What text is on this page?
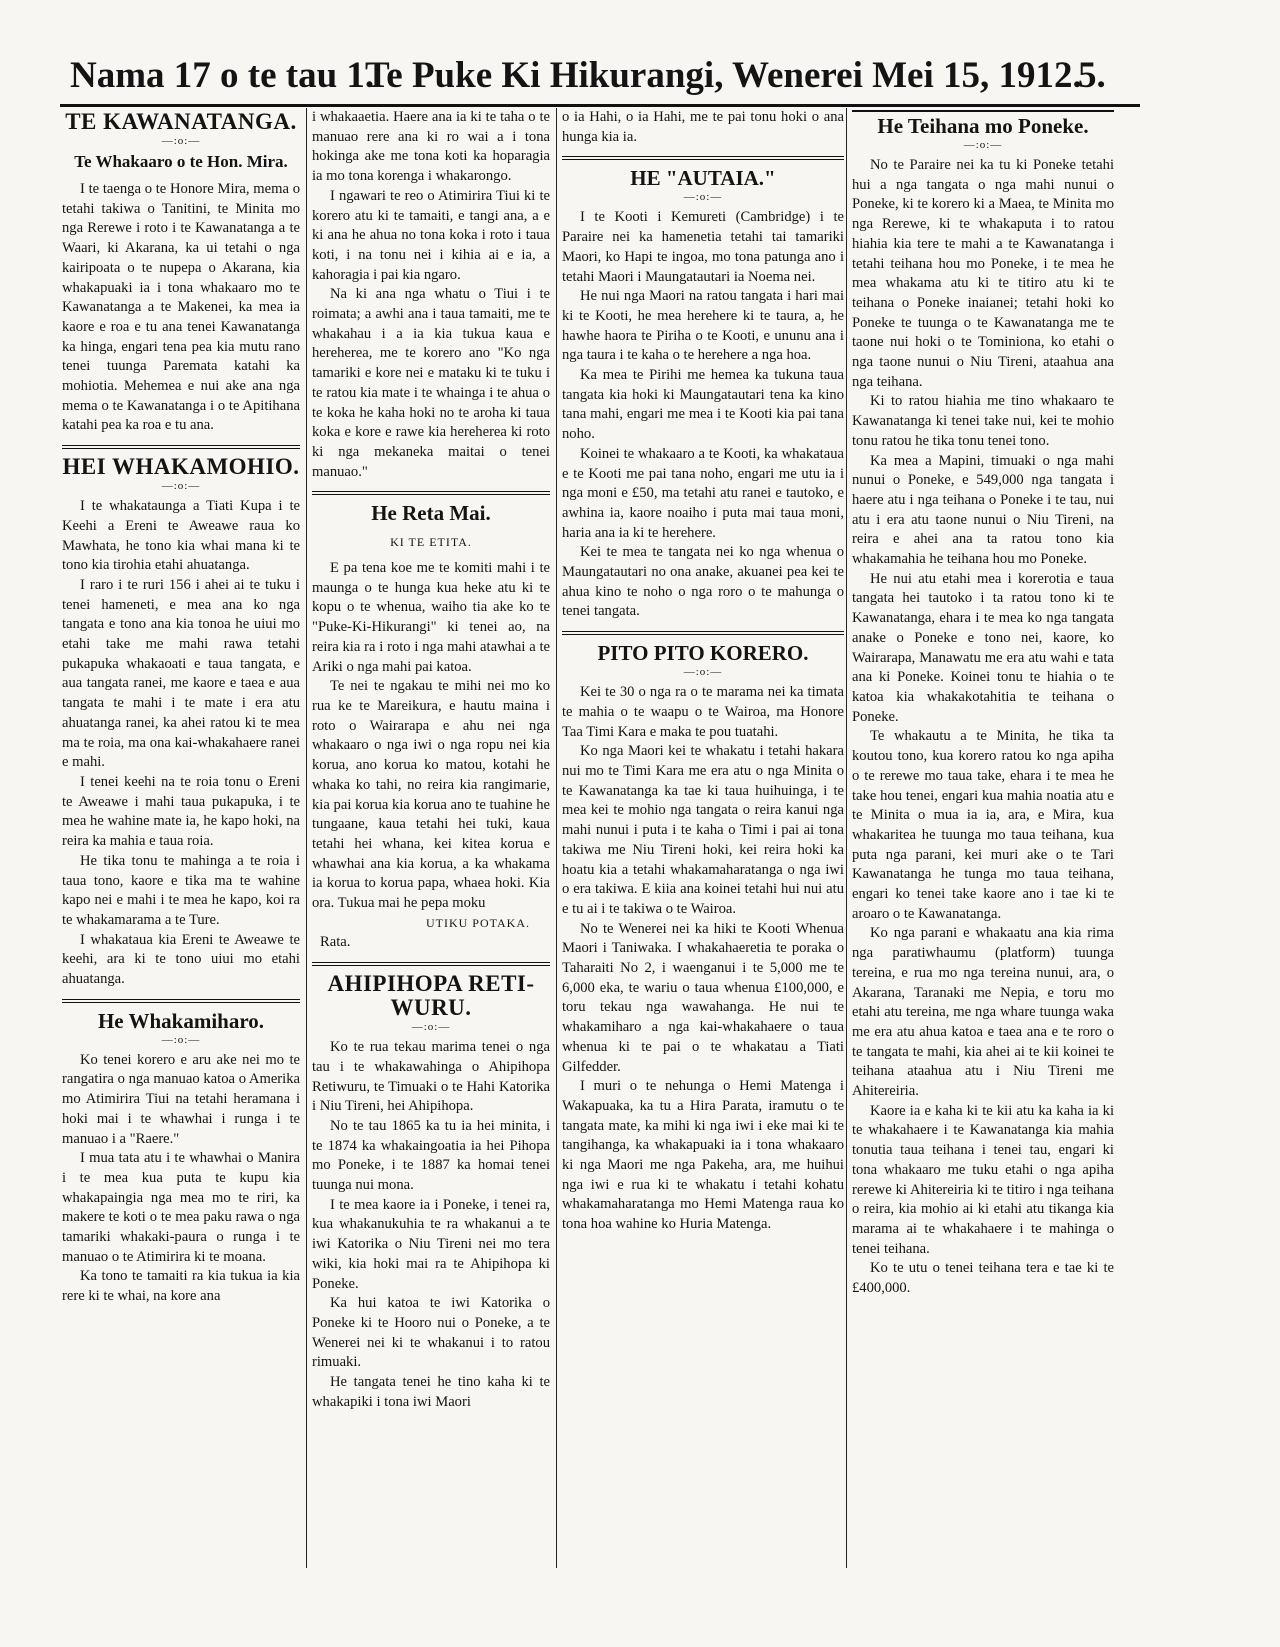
Nama 17 o te tau 1.
Te Puke Ki Hikurangi, Wenerei Mei 15, 1912.
5.
TE KAWANATANGA.
—:o:—
Te Whakaaro o te Hon. Mira.

I te taenga o te Honore Mira, mema o tetahi takiwa o Tanitini, te Minita mo nga Rerewe i roto i te Kawanatanga a te Waari, ki Akarana, ka ui tetahi o nga kairipoata o te nupepa o Akarana, kia whakapuaki ia i tona whakaaro mo te Kawanatanga a te Makenei, ka mea ia kaore e roa e tu ana tenei Kawanatanga ka hinga, engari tena pea kia mutu rano tenei tuunga Paremata katahi ka mohiotia. Mehemea e nui ake ana nga mema o te Kawanatanga i o te Apitihana katahi pea ka roa e tu ana.

HEI WHAKAMOHIO.
—:o:—

I te whakataunga a Tiati Kupa i te Keehi a Ereni te Aweawe raua ko Mawhata, he tono kia whai mana ki te tono kia tirohia etahi ahuatanga.

I raro i te ruri 156 i ahei ai te tuku i tenei hameneti, e mea ana ko nga tangata e tono ana kia tonoa he uiui mo etahi take me mahi rawa tetahi pukapuka whakaoati e taua tangata, e aua tangata ranei, me kaore e taea e aua tangata te mahi i te mate i era atu ahuatanga ranei, ka ahei ratou ki te mea ma te roia, ma ona kai-whakahaere ranei e mahi.

I tenei keehi na te roia tonu o Ereni te Aweawe i mahi taua pukapuka, i te mea he wahine mate ia, he kapo hoki, na reira ka mahia e taua roia.

He tika tonu te mahinga a te roia i taua tono, kaore e tika ma te wahine kapo nei e mahi i te mea he kapo, koi ra te whakamarama a te Ture.

I whakataua kia Ereni te Aweawe te keehi, ara ki te tono uiui mo etahi ahuatanga.

He Whakamiharo.
—:o:—

Ko tenei korero e aru ake nei mo te rangatira o nga manuao katoa o Amerika mo Atimirira Tiui na tetahi heramana i hoki mai i te whawhai i runga i te manuao i a "Raere."

I mua tata atu i te whawhai o Manira i te mea kua puta te kupu kia whakapaingia nga mea mo te riri, ka makere te koti o te mea paku rawa o nga tamariki whakaki-paura o runga i te manuao o te Atimirira ki te moana.

Ka tono te tamaiti ra kia tukua ia kia rere ki te whai, na kore ana

i whakaaetia. Haere ana ia ki te taha o te manuao rere ana ki ro wai a i tona hokinga ake me tona koti ka hoparagia ia mo tona korenga i whakarongo.

I ngawari te reo o Atimirira Tiui ki te korero atu ki te tamaiti, e tangi ana, a e ki ana he ahua no tona koka i roto i taua koti, i na tonu nei i kihia ai e ia, a kahoragia i pai kia ngaro.

Na ki ana nga whatu o Tiui i te roimata; a awhi ana i taua tamaiti, me te whakahau i a ia kia tukua kaua e hereherea, me te korero ano "Ko nga tamariki e kore nei e mataku ki te tuku i te ratou kia mate i te whainga i te ahua o te koka he kaha hoki no te aroha ki taua koka e kore e rawe kia hereherea ki roto ki nga mekaneka maitai o tenei manuao."

He Reta Mai.
KI TE ETITA.

E pa tena koe me te komiti mahi i te maunga o te hunga kua heke atu ki te kopu o te whenua, waiho tia ake ko te "Puke-Ki-Hikurangi" ki tenei ao, na reira kia ra i roto i nga mahi atawhai a te Ariki o nga mahi pai katoa.

Te nei te ngakau te mihi nei mo ko rua ke te Mareikura, e hautu maina i roto o Wairarapa e ahu nei nga whakaaro o nga iwi o nga ropu nei kia korua, ano korua ko matou, kotahi he whaka ko tahi, no reira kia rangimarie, kia pai korua kia korua ano te tuahine he tungaane, kaua tetahi hei tuki, kaua tetahi hei whana, kei kitea korua e whawhai ana kia korua, a ka whakama ia korua to korua papa, whaea hoki. Kia ora. Tukua mai he pepa moku

UTIKU POTAKA.

Rata.

AHIPIHOPA RETI-WURU.
—:o:—

Ko te rua tekau marima tenei o nga tau i te whakawahinga o Ahipihopa Retiwuru, te Timuaki o te Hahi Katorika i Niu Tireni, hei Ahipihopa.

No te tau 1865 ka tu ia hei minita, i te 1874 ka whakaingoatia ia hei Pihopa mo Poneke, i te 1887 ka homai tenei tuunga nui mona.

I te mea kaore ia i Poneke, i tenei ra, kua whakanukuhia te ra whakanui a te iwi Katorika o Niu Tireni nei mo tera wiki, kia hoki mai ra te Ahipihopa ki Poneke.

Ka hui katoa te iwi Katorika o Poneke ki te Hooro nui o Poneke, a te Wenerei nei ki te whakanui i to ratou rimuaki.

He tangata tenei he tino kaha ki te whakapiki i tona iwi Maori

o ia Hahi, o ia Hahi, me te pai tonu hoki o ana hunga kia ia.

HE "AUTAIA."
—:o:—

I te Kooti i Kemureti (Cambridge) i te Paraire nei ka hamenetia tetahi tai tamariki Maori, ko Hapi te ingoa, mo tona patunga ano i tetahi Maori i Maungatautari ia Noema nei.

He nui nga Maori na ratou tangata i hari mai ki te Kooti, he mea herehere ki te taura, a, he hawhe haora te Piriha o te Kooti, e ununu ana i nga taura i te kaha o te herehere a nga hoa.

Ka mea te Pirihi me hemea ka tukuna taua tangata kia hoki ki Maungatautari tena ka kino tana mahi, engari me mea i te Kooti kia pai tana noho.

Koinei te whakaaro a te Kooti, ka whakataua e te Kooti me pai tana noho, engari me utu ia i nga moni e £50, ma tetahi atu ranei e tautoko, e awhina ia, kaore noaiho i puta mai taua moni, haria ana ia ki te herehere.

Kei te mea te tangata nei ko nga whenua o Maungatautari no ona anake, akuanei pea kei te ahua kino te noho o nga roro o te mahunga o tenei tangata.

PITO PITO KORERO.
—:o:—

Kei te 30 o nga ra o te marama nei ka timata te mahia o te waapu o te Wairoa, ma Honore Taa Timi Kara e maka te pou tuatahi.

Ko nga Maori kei te whakatu i tetahi hakara nui mo te Timi Kara me era atu o nga Minita o te Kawanatanga ka tae ki taua huihuinga, i te mea kei te mohio nga tangata o reira kanui nga mahi nunui i puta i te kaha o Timi i pai ai tona takiwa me Niu Tireni hoki, kei reira hoki ka hoatu kia a tetahi whakamaharatanga o nga iwi o era takiwa. E kiia ana koinei tetahi hui nui atu e tu ai i te takiwa o te Wairoa.

No te Wenerei nei ka hiki te Kooti Whenua Maori i Taniwaka. I whakahaeretia te poraka o Taharaiti No 2, i waenganui i te 5,000 me te 6,000 eka, te wariu o taua whenua £100,000, e toru tekau nga wawahanga. He nui te whakamiharo a nga kai-whakahaere o taua whenua ki te pai o te whakatau a Tiati Gilfedder.

I muri o te nehunga o Hemi Matenga i Wakapuaka, ka tu a Hira Parata, iramutu o te tangata mate, ka mihi ki nga iwi i eke mai ki te tangihanga, ka whakapuaki ia i tona whakaaro ki nga Maori me nga Pakeha, ara, me huihui nga iwi e rua ki te whakatu i tetahi kohatu whakamaharatanga mo Hemi Matenga raua ko tona hoa wahine ko Huria Matenga.

He Teihana mo Poneke.
—:o:—

No te Paraire nei ka tu ki Poneke tetahi hui a nga tangata o nga mahi nunui o Poneke, ki te korero ki a Maea, te Minita mo nga Rerewe, ki te whakaputa i to ratou hiahia kia tere te mahi a te Kawanatanga i tetahi teihana hou mo Poneke, i te mea he mea whakama atu ki te titiro atu ki te teihana o Poneke inaianei; tetahi hoki ko Poneke te tuunga o te Kawanatanga me te taone nui hoki o te Tominiona, ko etahi o nga taone nunui o Niu Tireni, ataahua ana nga teihana.

Ki to ratou hiahia me tino whakaaro te Kawanatanga ki tenei take nui, kei te mohio tonu ratou he tika tonu tenei tono.

Ka mea a Mapini, timuaki o nga mahi nunui o Poneke, e 549,000 nga tangata i haere atu i nga teihana o Poneke i te tau, nui atu i era atu taone nunui o Niu Tireni, na reira e ahei ana ta ratou tono kia whakamahia he teihana hou mo Poneke.

He nui atu etahi mea i korerotia e taua tangata hei tautoko i ta ratou tono ki te Kawanatanga, ehara i te mea ko nga tangata anake o Poneke e tono nei, kaore, ko Wairarapa, Manawatu me era atu wahi e tata ana ki Poneke. Koinei tonu te hiahia o te katoa kia whakakotahitia te teihana o Poneke.

Te whakautu a te Minita, he tika ta koutou tono, kua korero ratou ko nga apiha o te rerewe mo taua take, ehara i te mea he take hou tenei, engari kua mahia noatia atu e te Minita o mua ia ia, ara, e Mira, kua whakaritea he tuunga mo taua teihana, kua puta nga parani, kei muri ake o te Tari Kawanatanga he tunga mo taua teihana, engari ko tenei take kaore ano i tae ki te aroaro o te Kawanatanga.

Ko nga parani e whakaatu ana kia rima nga paratiwhaumu (platform) tuunga tereina, e rua mo nga tereina nunui, ara, o Akarana, Taranaki me Nepia, e toru mo etahi atu tereina, me nga whare tuunga waka me era atu ahua katoa e taea ana e te roro o te tangata te mahi, kia ahei ai te kii koinei te teihana ataahua atu i Niu Tireni me Ahitereiria.

Kaore ia e kaha ki te kii atu ka kaha ia ki te whakahaere i te Kawanatanga kia mahia tonutia taua teihana i tenei tau, engari ki tona whakaaro me tuku etahi o nga apiha rerewe ki Ahitereiria ki te titiro i nga teihana o reira, kia mohio ai ki etahi atu tikanga kia marama ai te whakahaere i te mahinga o tenei teihana.

Ko te utu o tenei teihana tera e tae ki te £400,000.
